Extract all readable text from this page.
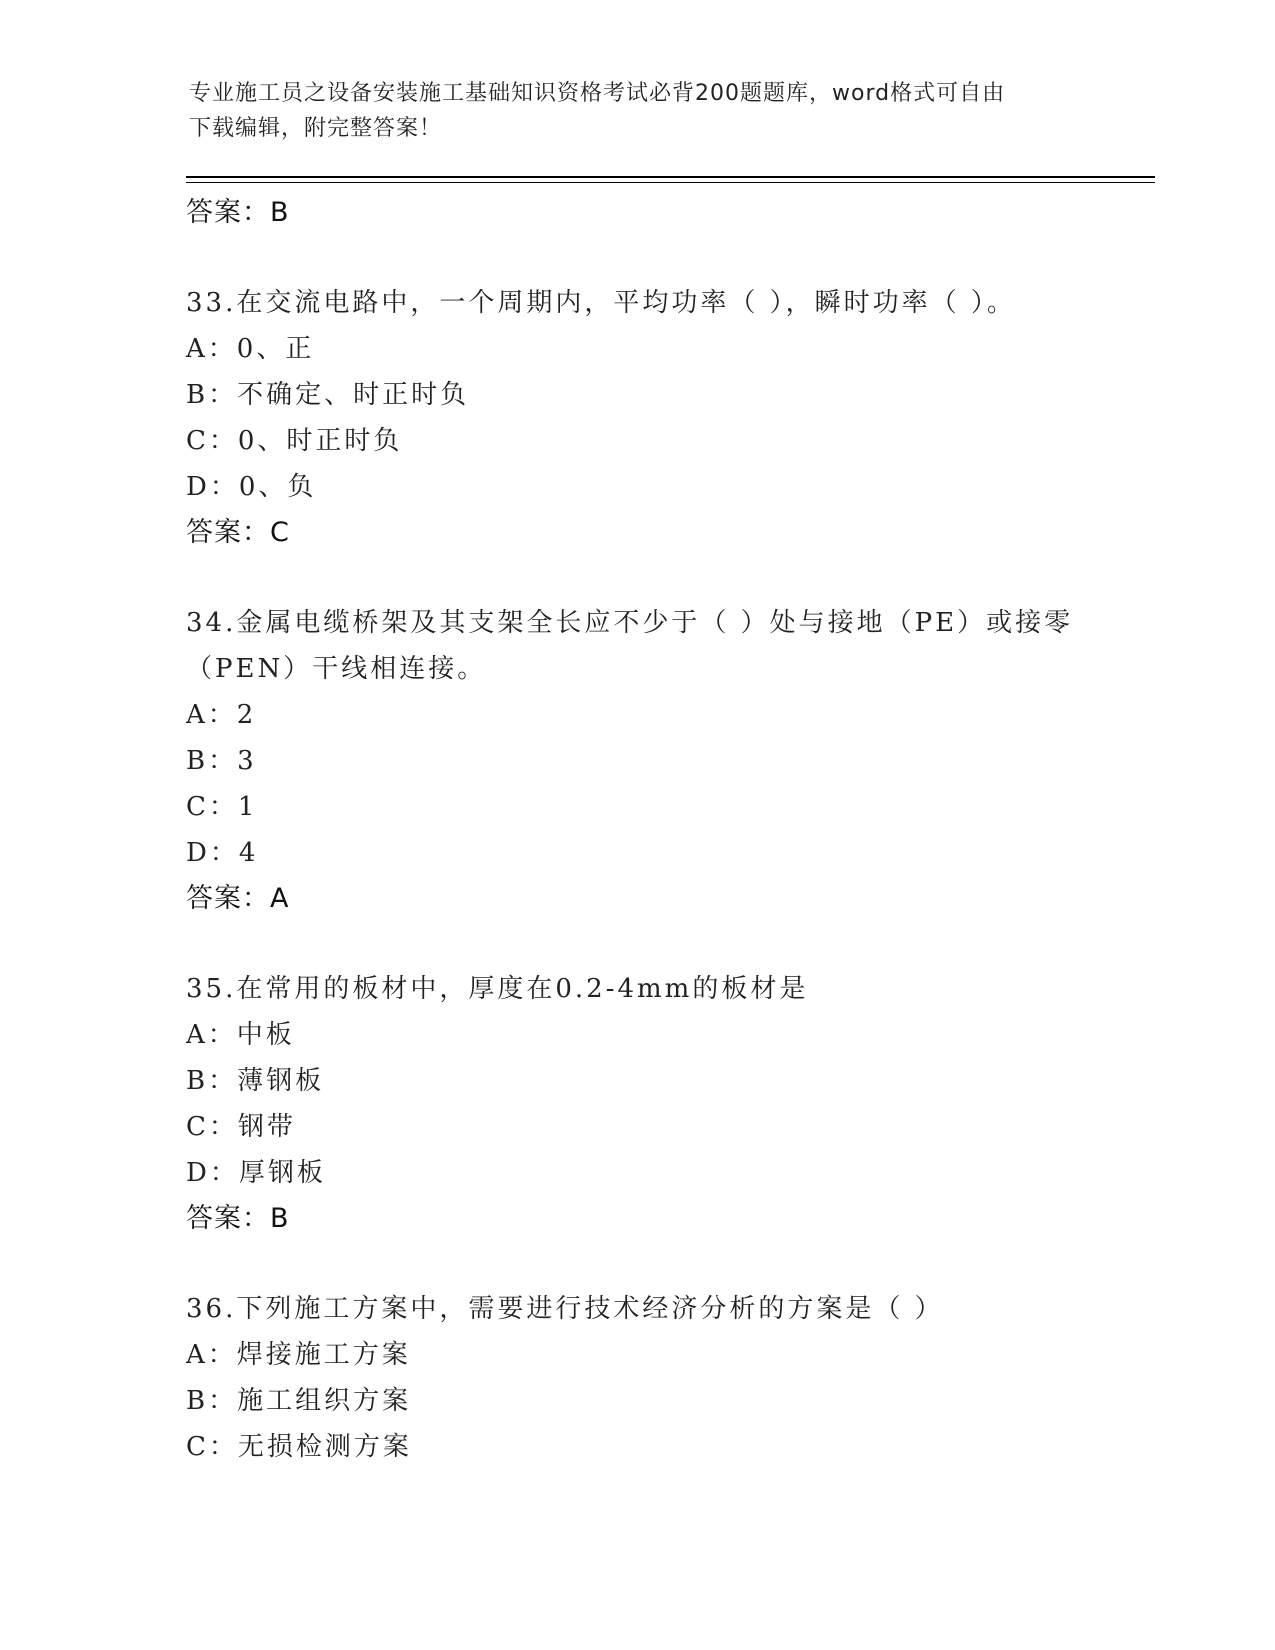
专业施工员之设备安装施工基础知识资格考试必背200题题库，word格式可自由
下载编辑，附完整答案！
答案：B
33.在交流电路中，一个周期内，平均功率（ ），瞬时功率（ ）。
A：0、正
B：不确定、时正时负
C：0、时正时负
D：0、负
答案：C
34.金属电缆桥架及其支架全长应不少于（ ）处与接地（PE）或接零
（PEN）干线相连接。
A：2
B：3
C：1
D：4
答案：A
35.在常用的板材中，厚度在0.2-4mm的板材是
A：中板
B：薄钢板
C：钢带
D：厚钢板
答案：B
36.下列施工方案中，需要进行技术经济分析的方案是（ ）
A：焊接施工方案
B：施工组织方案
C：无损检测方案
